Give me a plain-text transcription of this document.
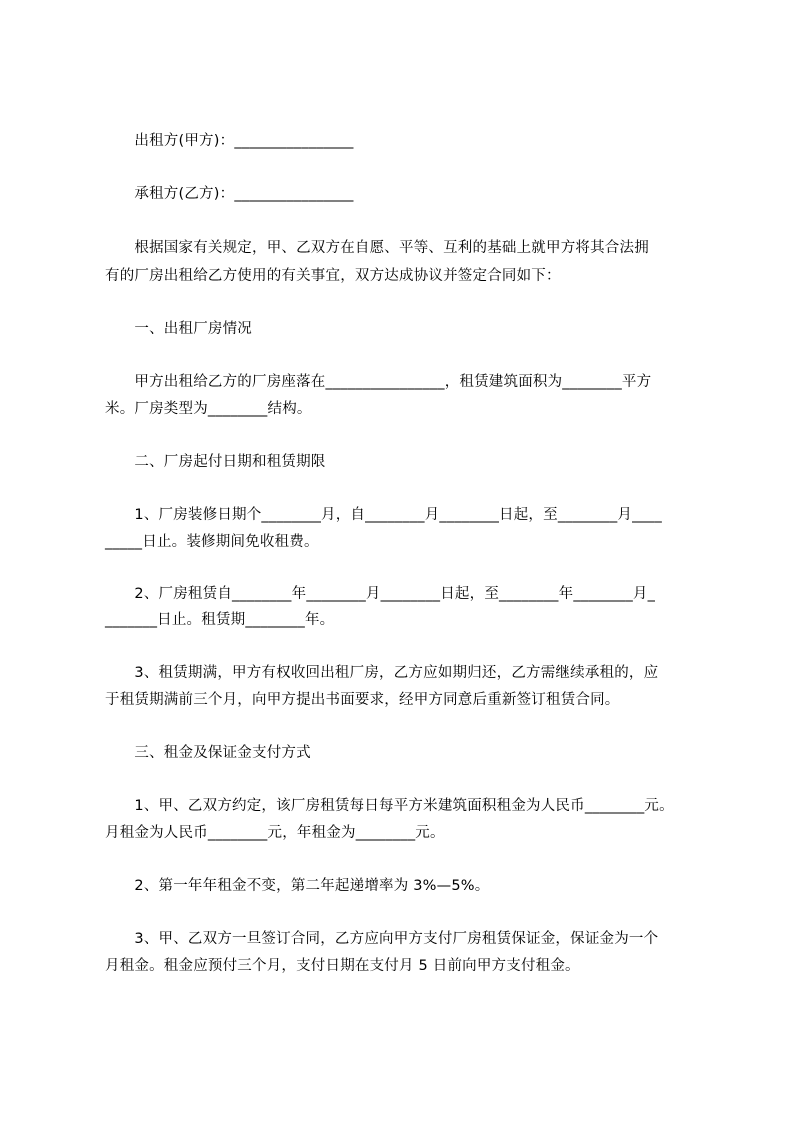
　　出租方(甲方)：________________
　　承租方(乙方)：________________
　　根据国家有关规定，甲、乙双方在自愿、平等、互利的基础上就甲方将其合法拥
有的厂房出租给乙方使用的有关事宜，双方达成协议并签定合同如下：
　　一、出租厂房情况
　　甲方出租给乙方的厂房座落在________________，租赁建筑面积为________平方
米。厂房类型为________结构。
　　二、厂房起付日期和租赁期限
　　1、厂房装修日期个________月，自________月________日起，至________月____
_____日止。装修期间免收租费。
　　2、厂房租赁自________年________月________日起，至________年________月_
_______日止。租赁期________年。
　　3、租赁期满，甲方有权收回出租厂房，乙方应如期归还，乙方需继续承租的，应
于租赁期满前三个月，向甲方提出书面要求，经甲方同意后重新签订租赁合同。
　　三、租金及保证金支付方式
　　1、甲、乙双方约定，该厂房租赁每日每平方米建筑面积租金为人民币________元。
月租金为人民币________元，年租金为________元。
　　2、第一年年租金不变，第二年起递增率为 3%—5%。
　　3、甲、乙双方一旦签订合同，乙方应向甲方支付厂房租赁保证金，保证金为一个
月租金。租金应预付三个月，支付日期在支付月 5 日前向甲方支付租金。
